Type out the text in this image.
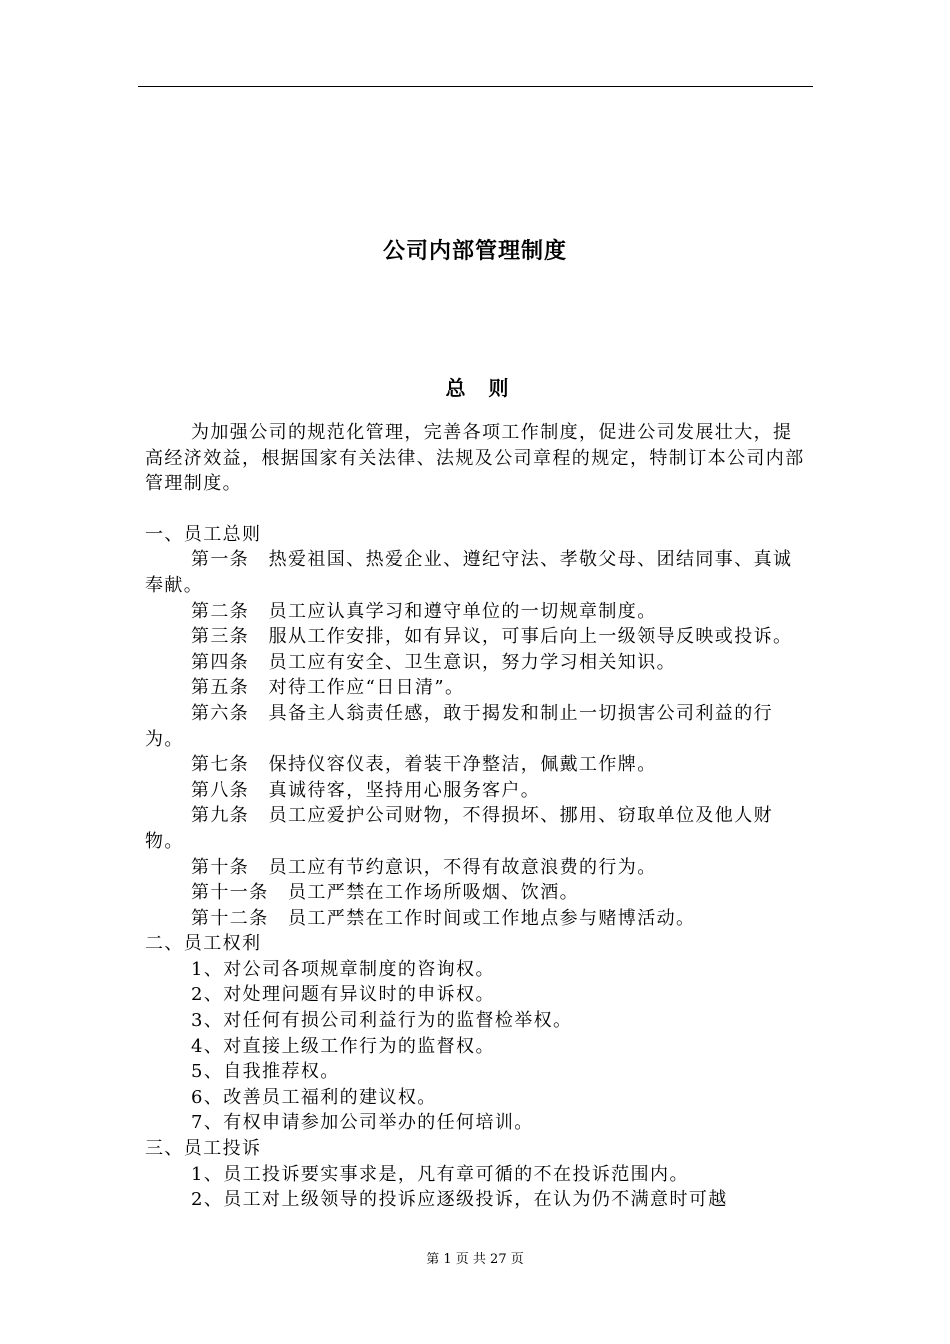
公司内部管理制度
总 则

为加强公司的规范化管理，完善各项工作制度，促进公司发展壮大，提高经济效益，根据国家有关法律、法规及公司章程的规定，特制订本公司内部管理制度。

一、员工总则

第一条　热爱祖国、热爱企业、遵纪守法、孝敬父母、团结同事、真诚奉献。

第二条　员工应认真学习和遵守单位的一切规章制度。

第三条　服从工作安排，如有异议，可事后向上一级领导反映或投诉。

第四条　员工应有安全、卫生意识，努力学习相关知识。

第五条　对待工作应“日日清”。

第六条　具备主人翁责任感，敢于揭发和制止一切损害公司利益的行为。

第七条　保持仪容仪表，着装干净整洁，佩戴工作牌。

第八条　真诚待客，坚持用心服务客户。

第九条　员工应爱护公司财物，不得损坏、挪用、窃取单位及他人财物。

第十条　员工应有节约意识，不得有故意浪费的行为。

第十一条　员工严禁在工作场所吸烟、饮酒。

第十二条　员工严禁在工作时间或工作地点参与赌博活动。

二、员工权利

1、对公司各项规章制度的咨询权。

2、对处理问题有异议时的申诉权。

3、对任何有损公司利益行为的监督检举权。

4、对直接上级工作行为的监督权。

5、自我推荐权。

6、改善员工福利的建议权。

7、有权申请参加公司举办的任何培训。

三、员工投诉

1、员工投诉要实事求是，凡有章可循的不在投诉范围内。

2、员工对上级领导的投诉应逐级投诉，在认为仍不满意时可越

第 1 页 共 27 页
